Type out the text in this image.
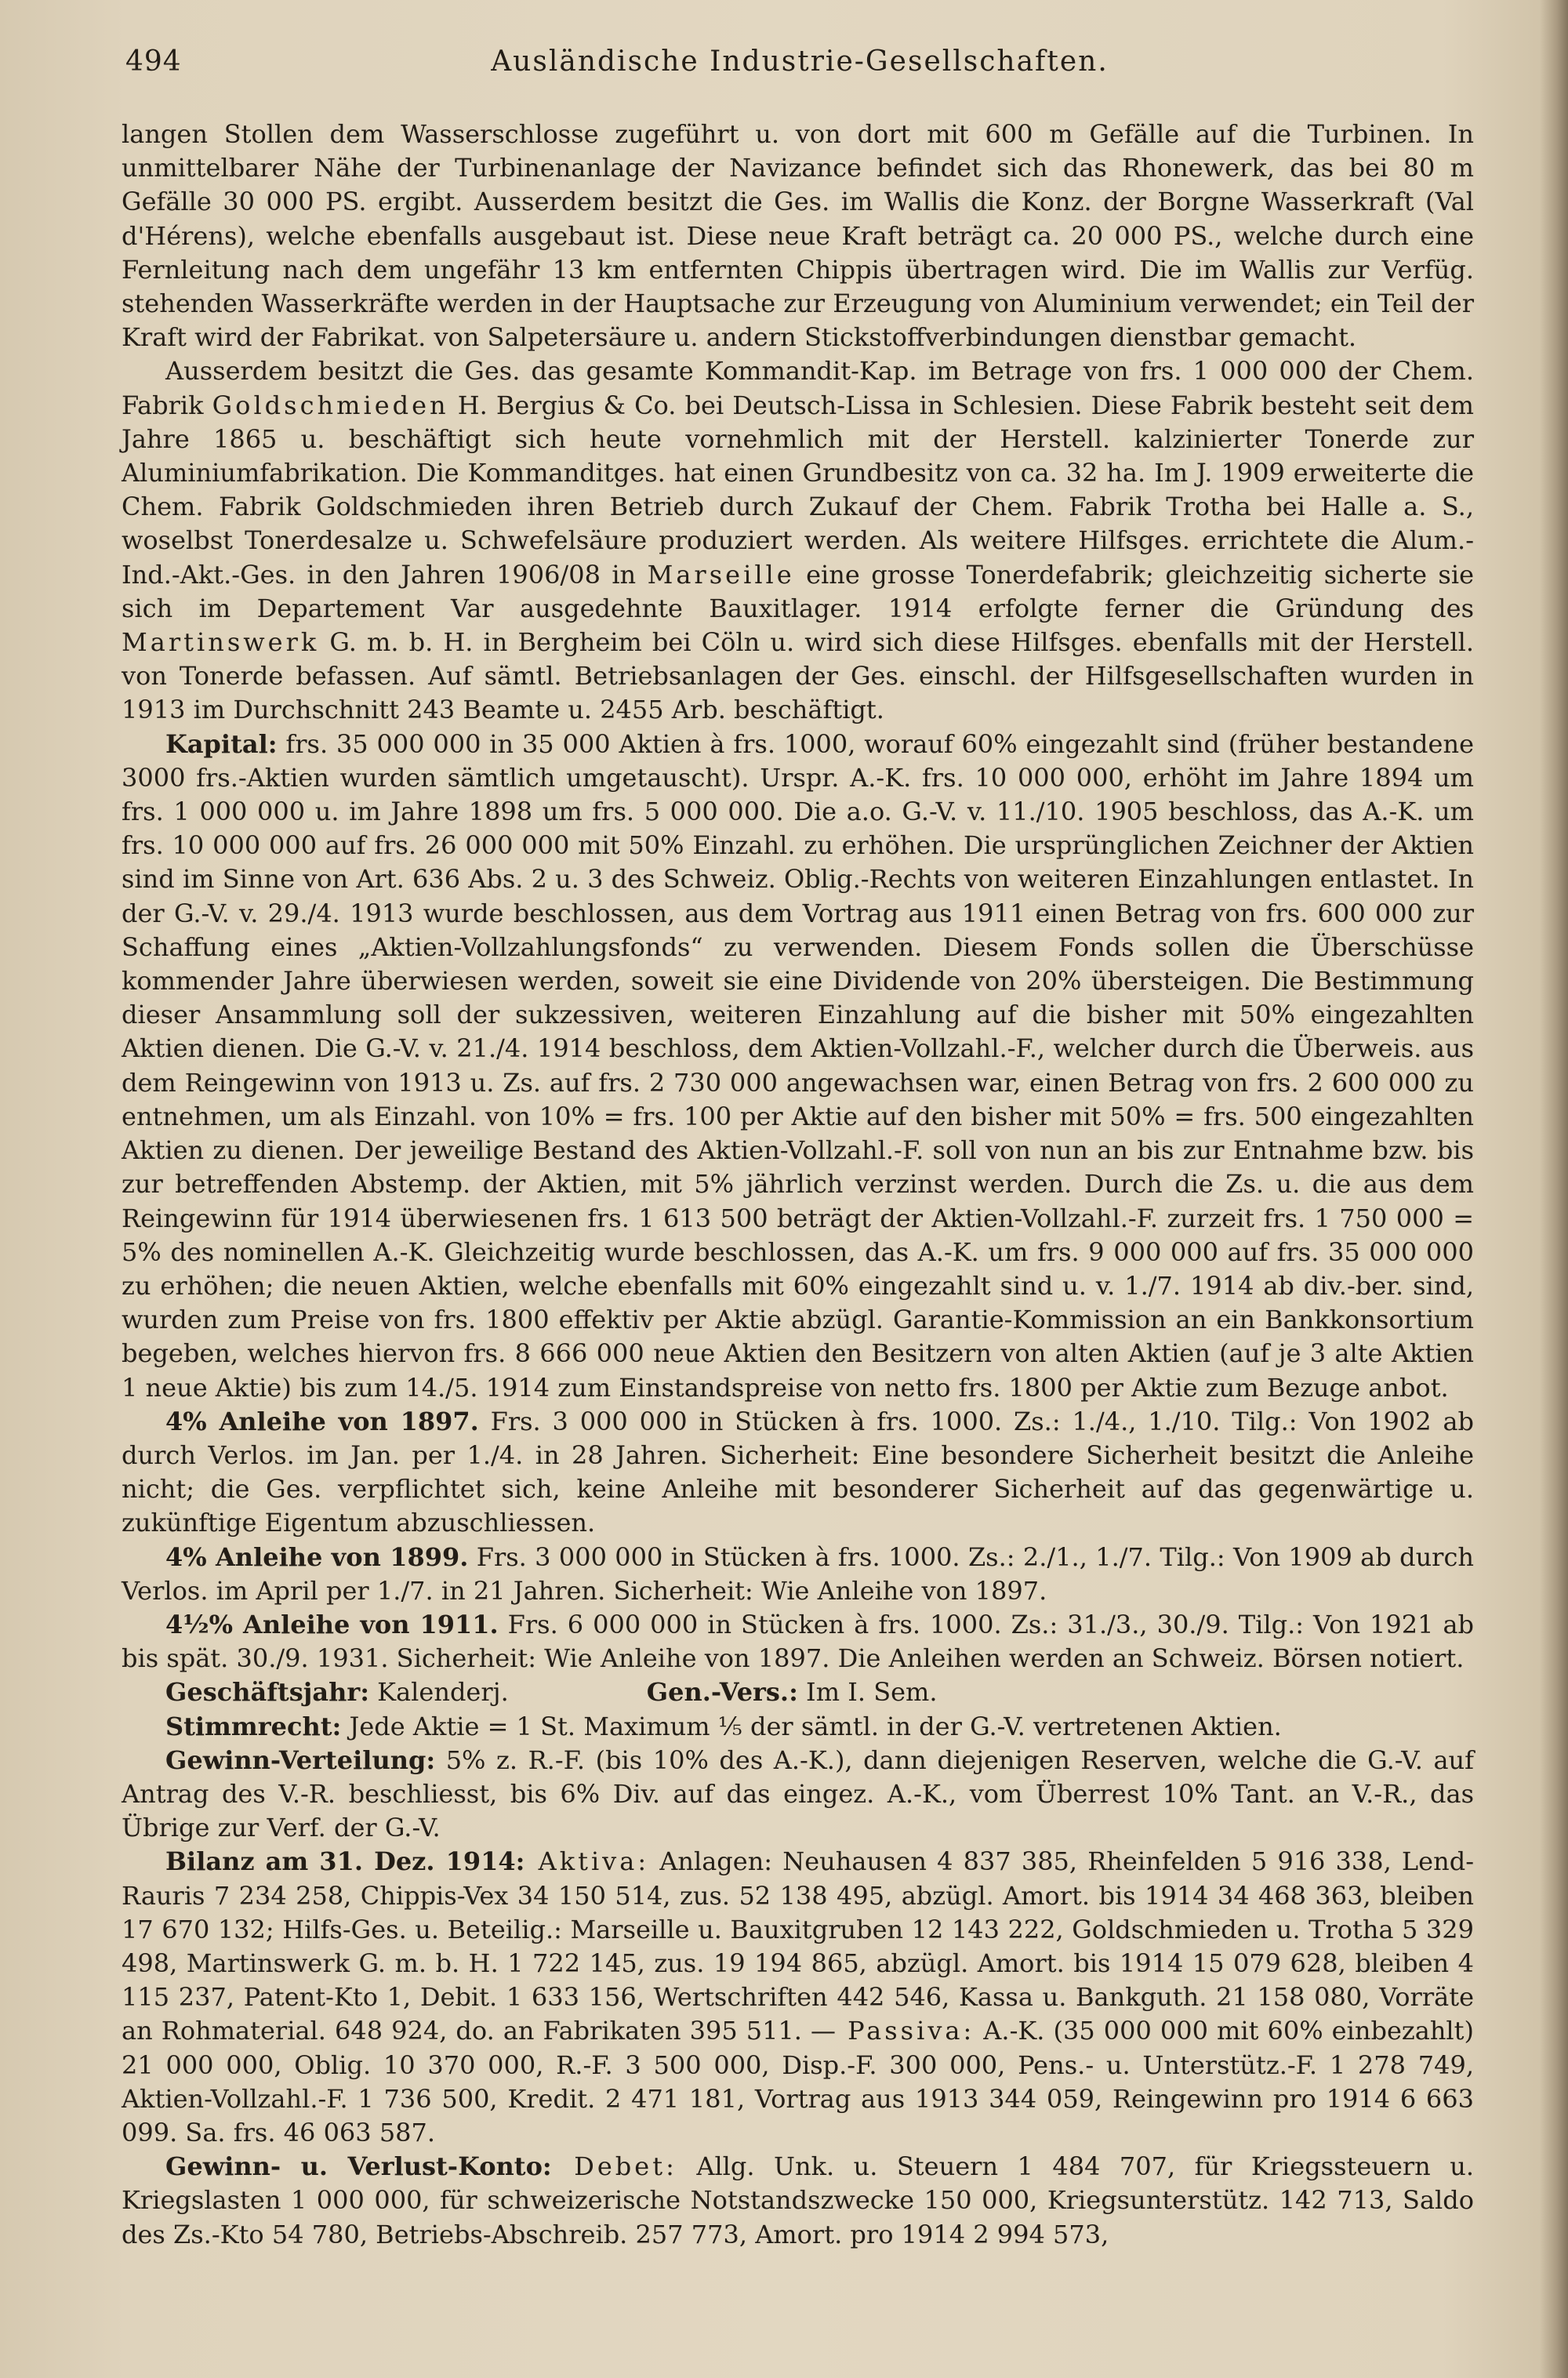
494	Ausländische Industrie-Gesellschaften.

langen Stollen dem Wasserschlosse zugeführt u. von dort mit 600 m Gefälle auf die Turbinen. In unmittelbarer Nähe der Turbinenanlage der Navizance befindet sich das Rhonewerk, das bei 80 m Gefälle 30 000 PS. ergibt. Ausserdem besitzt die Ges. im Wallis die Konz. der Borgne Wasserkraft (Val d'Hérens), welche ebenfalls ausgebaut ist. Diese neue Kraft beträgt ca. 20 000 PS., welche durch eine Fernleitung nach dem ungefähr 13 km entfernten Chippis übertragen wird. Die im Wallis zur Verfüg. stehenden Wasserkräfte werden in der Hauptsache zur Erzeugung von Aluminium verwendet; ein Teil der Kraft wird der Fabrikat. von Salpetersäure u. andern Stickstoffverbindungen dienstbar gemacht.

Ausserdem besitzt die Ges. das gesamte Kommandit-Kap. im Betrage von frs. 1 000 000 der Chem. Fabrik Goldschmieden H. Bergius & Co. bei Deutsch-Lissa in Schlesien. Diese Fabrik besteht seit dem Jahre 1865 u. beschäftigt sich heute vornehmlich mit der Herstell. kalzinierter Tonerde zur Aluminiumfabrikation. Die Kommanditges. hat einen Grundbesitz von ca. 32 ha. Im J. 1909 erweiterte die Chem. Fabrik Goldschmieden ihren Betrieb durch Zukauf der Chem. Fabrik Trotha bei Halle a. S., woselbst Tonerdesalze u. Schwefelsäure produziert werden. Als weitere Hilfsges. errichtete die Alum.-Ind.-Akt.-Ges. in den Jahren 1906/08 in Marseille eine grosse Tonerdefabrik; gleichzeitig sicherte sie sich im Departement Var ausgedehnte Bauxitlager. 1914 erfolgte ferner die Gründung des Martinswerk G. m. b. H. in Bergheim bei Cöln u. wird sich diese Hilfsges. ebenfalls mit der Herstell. von Tonerde befassen. Auf sämtl. Betriebsanlagen der Ges. einschl. der Hilfsgesellschaften wurden in 1913 im Durchschnitt 243 Beamte u. 2455 Arb. beschäftigt.

Kapital: frs. 35 000 000 in 35 000 Aktien à frs. 1000, worauf 60% eingezahlt sind (früher bestandene 3000 frs.-Aktien wurden sämtlich umgetauscht). Urspr. A.-K. frs. 10 000 000, erhöht im Jahre 1894 um frs. 1 000 000 u. im Jahre 1898 um frs. 5 000 000. Die a.o. G.-V. v. 11./10. 1905 beschloss, das A.-K. um frs. 10 000 000 auf frs. 26 000 000 mit 50% Einzahl. zu erhöhen. Die ursprünglichen Zeichner der Aktien sind im Sinne von Art. 636 Abs. 2 u. 3 des Schweiz. Oblig.-Rechts von weiteren Einzahlungen entlastet. In der G.-V. v. 29./4. 1913 wurde beschlossen, aus dem Vortrag aus 1911 einen Betrag von frs. 600 000 zur Schaffung eines „Aktien-Vollzahlungsfonds“ zu verwenden. Diesem Fonds sollen die Überschüsse kommender Jahre überwiesen werden, soweit sie eine Dividende von 20% übersteigen. Die Bestimmung dieser Ansammlung soll der sukzessiven, weiteren Einzahlung auf die bisher mit 50% eingezahlten Aktien dienen. Die G.-V. v. 21./4. 1914 beschloss, dem Aktien-Vollzahl.-F., welcher durch die Überweis. aus dem Reingewinn von 1913 u. Zs. auf frs. 2 730 000 angewachsen war, einen Betrag von frs. 2 600 000 zu entnehmen, um als Einzahl. von 10% = frs. 100 per Aktie auf den bisher mit 50% = frs. 500 eingezahlten Aktien zu dienen. Der jeweilige Bestand des Aktien-Vollzahl.-F. soll von nun an bis zur Entnahme bzw. bis zur betreffenden Abstemp. der Aktien, mit 5% jährlich verzinst werden. Durch die Zs. u. die aus dem Reingewinn für 1914 überwiesenen frs. 1 613 500 beträgt der Aktien-Vollzahl.-F. zurzeit frs. 1 750 000 = 5% des nominellen A.-K. Gleichzeitig wurde beschlossen, das A.-K. um frs. 9 000 000 auf frs. 35 000 000 zu erhöhen; die neuen Aktien, welche ebenfalls mit 60% eingezahlt sind u. v. 1./7. 1914 ab div.-ber. sind, wurden zum Preise von frs. 1800 effektiv per Aktie abzügl. Garantie-Kommission an ein Bankkonsortium begeben, welches hiervon frs. 8 666 000 neue Aktien den Besitzern von alten Aktien (auf je 3 alte Aktien 1 neue Aktie) bis zum 14./5. 1914 zum Einstandspreise von netto frs. 1800 per Aktie zum Bezuge anbot.

4% Anleihe von 1897. Frs. 3 000 000 in Stücken à frs. 1000. Zs.: 1./4., 1./10. Tilg.: Von 1902 ab durch Verlos. im Jan. per 1./4. in 28 Jahren. Sicherheit: Eine besondere Sicherheit besitzt die Anleihe nicht; die Ges. verpflichtet sich, keine Anleihe mit besonderer Sicherheit auf das gegenwärtige u. zukünftige Eigentum abzuschliessen.

4% Anleihe von 1899. Frs. 3 000 000 in Stücken à frs. 1000. Zs.: 2./1., 1./7. Tilg.: Von 1909 ab durch Verlos. im April per 1./7. in 21 Jahren. Sicherheit: Wie Anleihe von 1897.

4½% Anleihe von 1911. Frs. 6 000 000 in Stücken à frs. 1000. Zs.: 31./3., 30./9. Tilg.: Von 1921 ab bis spät. 30./9. 1931. Sicherheit: Wie Anleihe von 1897. Die Anleihen werden an Schweiz. Börsen notiert.

Geschäftsjahr: Kalenderj.	Gen.-Vers.: Im I. Sem.

Stimmrecht: Jede Aktie = 1 St. Maximum ⅕ der sämtl. in der G.-V. vertretenen Aktien.

Gewinn-Verteilung: 5% z. R.-F. (bis 10% des A.-K.), dann diejenigen Reserven, welche die G.-V. auf Antrag des V.-R. beschliesst, bis 6% Div. auf das eingez. A.-K., vom Überrest 10% Tant. an V.-R., das Übrige zur Verf. der G.-V.

Bilanz am 31. Dez. 1914: Aktiva: Anlagen: Neuhausen 4 837 385, Rheinfelden 5 916 338, Lend-Rauris 7 234 258, Chippis-Vex 34 150 514, zus. 52 138 495, abzügl. Amort. bis 1914 34 468 363, bleiben 17 670 132; Hilfs-Ges. u. Beteilig.: Marseille u. Bauxitgruben 12 143 222, Goldschmieden u. Trotha 5 329 498, Martinswerk G. m. b. H. 1 722 145, zus. 19 194 865, abzügl. Amort. bis 1914 15 079 628, bleiben 4 115 237, Patent-Kto 1, Debit. 1 633 156, Wertschriften 442 546, Kassa u. Bankguth. 21 158 080, Vorräte an Rohmaterial. 648 924, do. an Fabrikaten 395 511. — Passiva: A.-K. (35 000 000 mit 60% einbezahlt) 21 000 000, Oblig. 10 370 000, R.-F. 3 500 000, Disp.-F. 300 000, Pens.- u. Unterstütz.-F. 1 278 749, Aktien-Vollzahl.-F. 1 736 500, Kredit. 2 471 181, Vortrag aus 1913 344 059, Reingewinn pro 1914 6 663 099. Sa. frs. 46 063 587.

Gewinn- u. Verlust-Konto: Debet: Allg. Unk. u. Steuern 1 484 707, für Kriegssteuern u. Kriegslasten 1 000 000, für schweizerische Notstandszwecke 150 000, Kriegsunterstütz. 142 713, Saldo des Zs.-Kto 54 780, Betriebs-Abschreib. 257 773, Amort. pro 1914 2 994 573,
